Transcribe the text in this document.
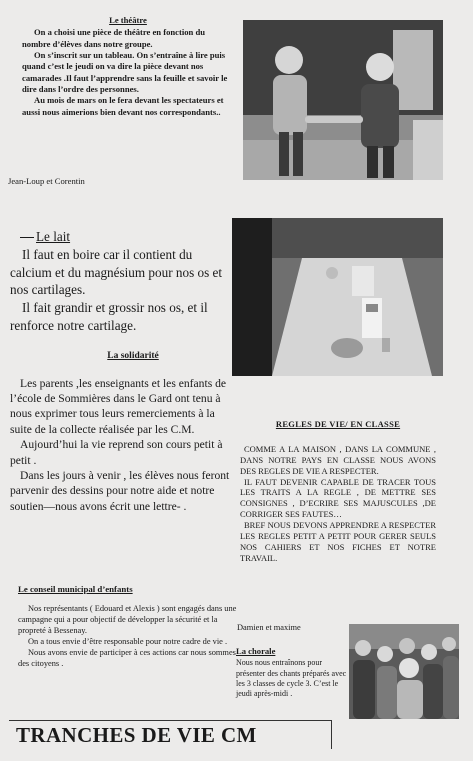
Le théâtre

On a choisi une pièce de théâtre en fonction du nombre d’élèves dans notre groupe.

On s’inscrit sur un tableau. On s’entraîne à lire puis quand c’est le jeudi on va dire la pièce devant nos camarades .Il faut l’apprendre sans la feuille et savoir le dire dans l’ordre des personnes.

Au mois de mars on le fera devant les spectateurs et aussi nous aimerions bien devant nos correspondants..

Jean-Loup et Corentin
Le lait

Il faut en boire car il contient du calcium et du magnésium pour nos os et nos cartilages.

Il fait grandir et grossir nos os, et il renforce notre cartilage.

La solidarité

Les parents ,les enseignants et les enfants de l’école de Sommières dans le Gard ont tenu à nous exprimer tous leurs remerciements à la suite de la collecte réalisée par les C.M.

Aujourd’hui la vie reprend son cours petit à petit .

Dans les jours à venir , les élèves nous feront parvenir des dessins pour notre aide et notre soutien—nous avons écrit une lettre- .

REGLES DE VIE/ EN CLASSE

COMME A LA MAISON , DANS LA COMMUNE , DANS NOTRE PAYS EN CLASSE NOUS AVONS DES REGLES DE VIE A RESPECTER.

IL FAUT DEVENIR CAPABLE DE TRACER TOUS LES TRAITS A LA REGLE , DE METTRE SES CONSIGNES , D’ECRIRE SES MAJUSCULES ,DE CORRIGER SES FAUTES…

BREF NOUS DEVONS APPRENDRE A RESPECTER LES REGLES PETIT A PETIT POUR GERER SEULS NOS CAHIERS ET NOS FICHES ET NOTRE TRAVAIL.

Le conseil municipal d’enfants

Nos représentants ( Edouard et Alexis ) sont engagés dans une campagne qui a pour objectif de développer la sécurité et la propreté à Bessenay.

On a tous envie d’être responsable pour notre cadre de vie .

Nous avons envie de participer à ces actions car nous sommes des citoyens .

Damien et maxime
La chorale

Nous nous entraînons pour présenter des chants préparés avec les 3 classes de cycle 3. C’est le jeudi après-midi .

TRANCHES DE VIE CM
